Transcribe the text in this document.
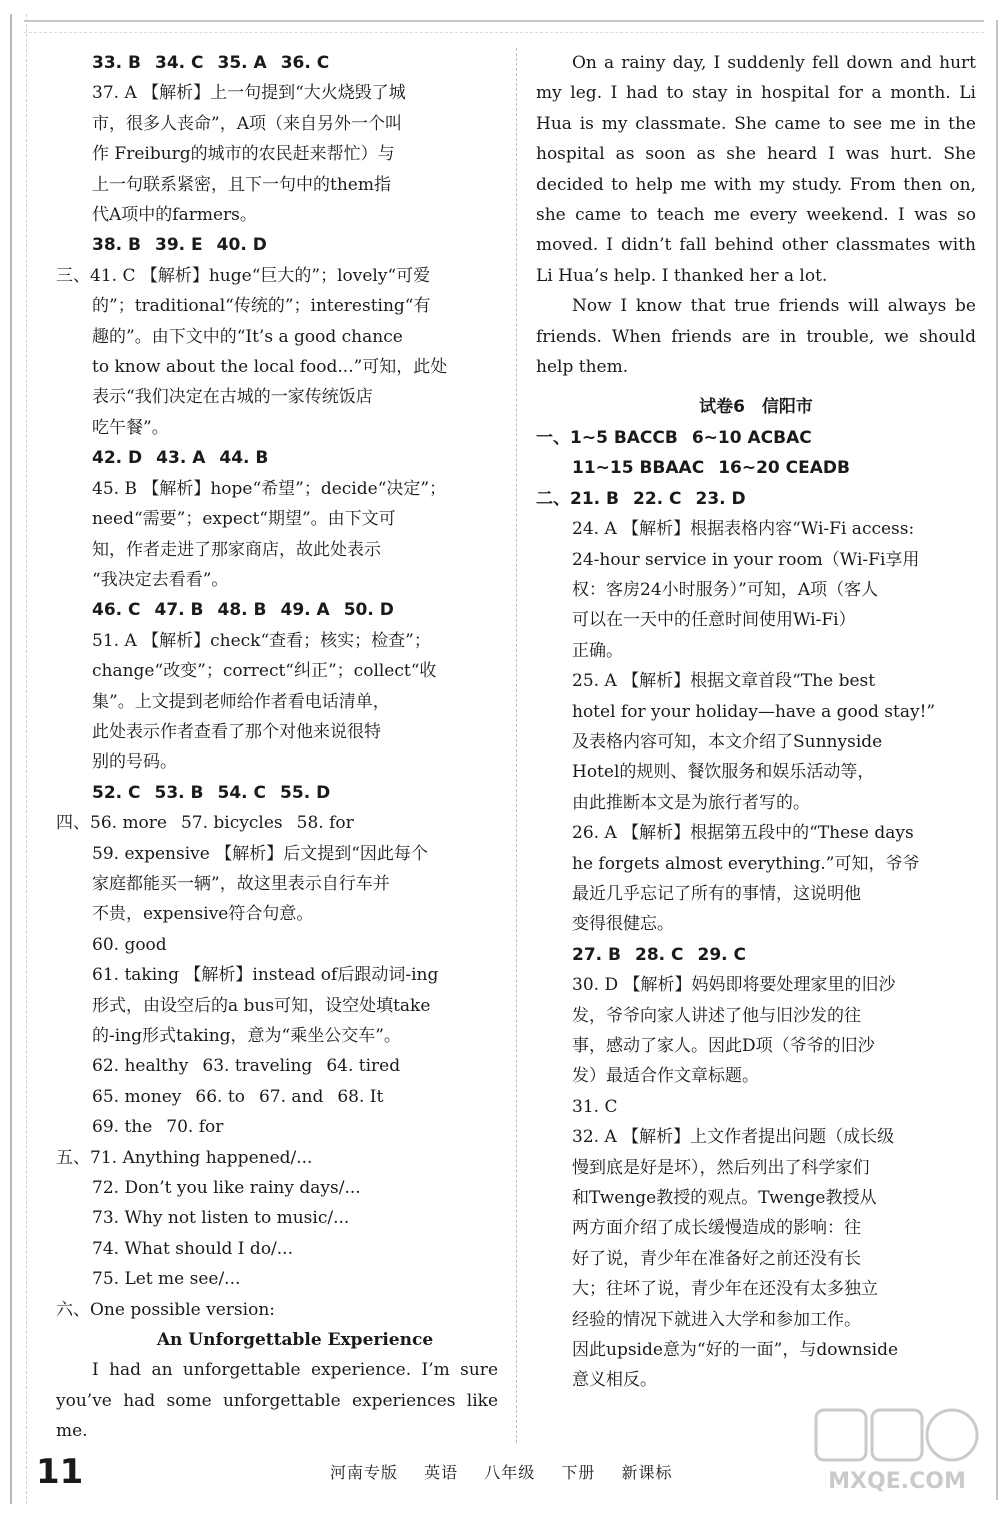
33. B 34. C 35. A 36. C
37. A 【解析】上一句提到“大火烧毁了城
市，很多人丧命”，A项（来自另外一个叫
作 Freiburg的城市的农民赶来帮忙）与
上一句联系紧密，且下一句中的them指
代A项中的farmers。
38. B 39. E 40. D
三、41. C 【解析】huge“巨大的”；lovely“可爱
的”；traditional“传统的”；interesting“有
趣的”。由下文中的“It’s a good chance
to know about the local food...”可知，此处
表示“我们决定在古城的一家传统饭店
吃午餐”。
42. D 43. A 44. B
45. B 【解析】hope“希望”；decide“决定”；
need“需要”；expect“期望”。由下文可
知，作者走进了那家商店，故此处表示
“我决定去看看”。
46. C 47. B 48. B 49. A 50. D
51. A 【解析】check“查看；核实；检查”；
change“改变”；correct“纠正”；collect“收
集”。上文提到老师给作者看电话清单，
此处表示作者查看了那个对他来说很特
别的号码。
52. C 53. B 54. C 55. D
四、56. more 57. bicycles 58. for
59. expensive 【解析】后文提到“因此每个
家庭都能买一辆”，故这里表示自行车并
不贵，expensive符合句意。
60. good
61. taking 【解析】instead of后跟动词-ing
形式，由设空后的a bus可知，设空处填take
的-ing形式taking，意为“乘坐公交车”。
62. healthy 63. traveling 64. tired
65. money 66. to 67. and 68. It
69. the 70. for
五、71. Anything happened/...
72. Don’t you like rainy days/...
73. Why not listen to music/...
74. What should I do/...
75. Let me see/...
六、One possible version:
An Unforgettable Experience
I had an unforgettable experience. I’m sure you’ve had some unforgettable experiences like me.
On a rainy day, I suddenly fell down and hurt my leg. I had to stay in hospital for a month. Li Hua is my classmate. She came to see me in the hospital as soon as she heard I was hurt. She decided to help me with my study. From then on, she came to teach me every weekend. I was so moved. I didn’t fall behind other classmates with Li Hua’s help. I thanked her a lot.
Now I know that true friends will always be friends. When friends are in trouble, we should help them.
试卷6　信阳市
一、1~5 BACCB 6~10 ACBAC
11~15 BBAAC 16~20 CEADB
二、21. B 22. C 23. D
24. A 【解析】根据表格内容“Wi-Fi access:
24-hour service in your room（Wi-Fi享用
权：客房24小时服务）”可知，A项（客人
可以在一天中的任意时间使用Wi-Fi）
正确。
25. A 【解析】根据文章首段“The best
hotel for your holiday—have a good stay!”
及表格内容可知，本文介绍了Sunnyside
Hotel的规则、餐饮服务和娱乐活动等，
由此推断本文是为旅行者写的。
26. A 【解析】根据第五段中的“These days
he forgets almost everything.”可知，爷爷
最近几乎忘记了所有的事情，这说明他
变得很健忘。
27. B 28. C 29. C
30. D 【解析】妈妈即将要处理家里的旧沙
发，爷爷向家人讲述了他与旧沙发的往
事，感动了家人。因此D项（爷爷的旧沙
发）最适合作文章标题。
31. C
32. A 【解析】上文作者提出问题（成长级
慢到底是好是坏），然后列出了科学家们
和Twenge教授的观点。Twenge教授从
两方面介绍了成长缓慢造成的影响：往
好了说，青少年在准备好之前还没有长
大；往坏了说，青少年在还没有太多独立
经验的情况下就进入大学和参加工作。
因此upside意为“好的一面”，与downside
意义相反。
11	河南专版 英语 八年级 下册 新课标	MXQE.COM
